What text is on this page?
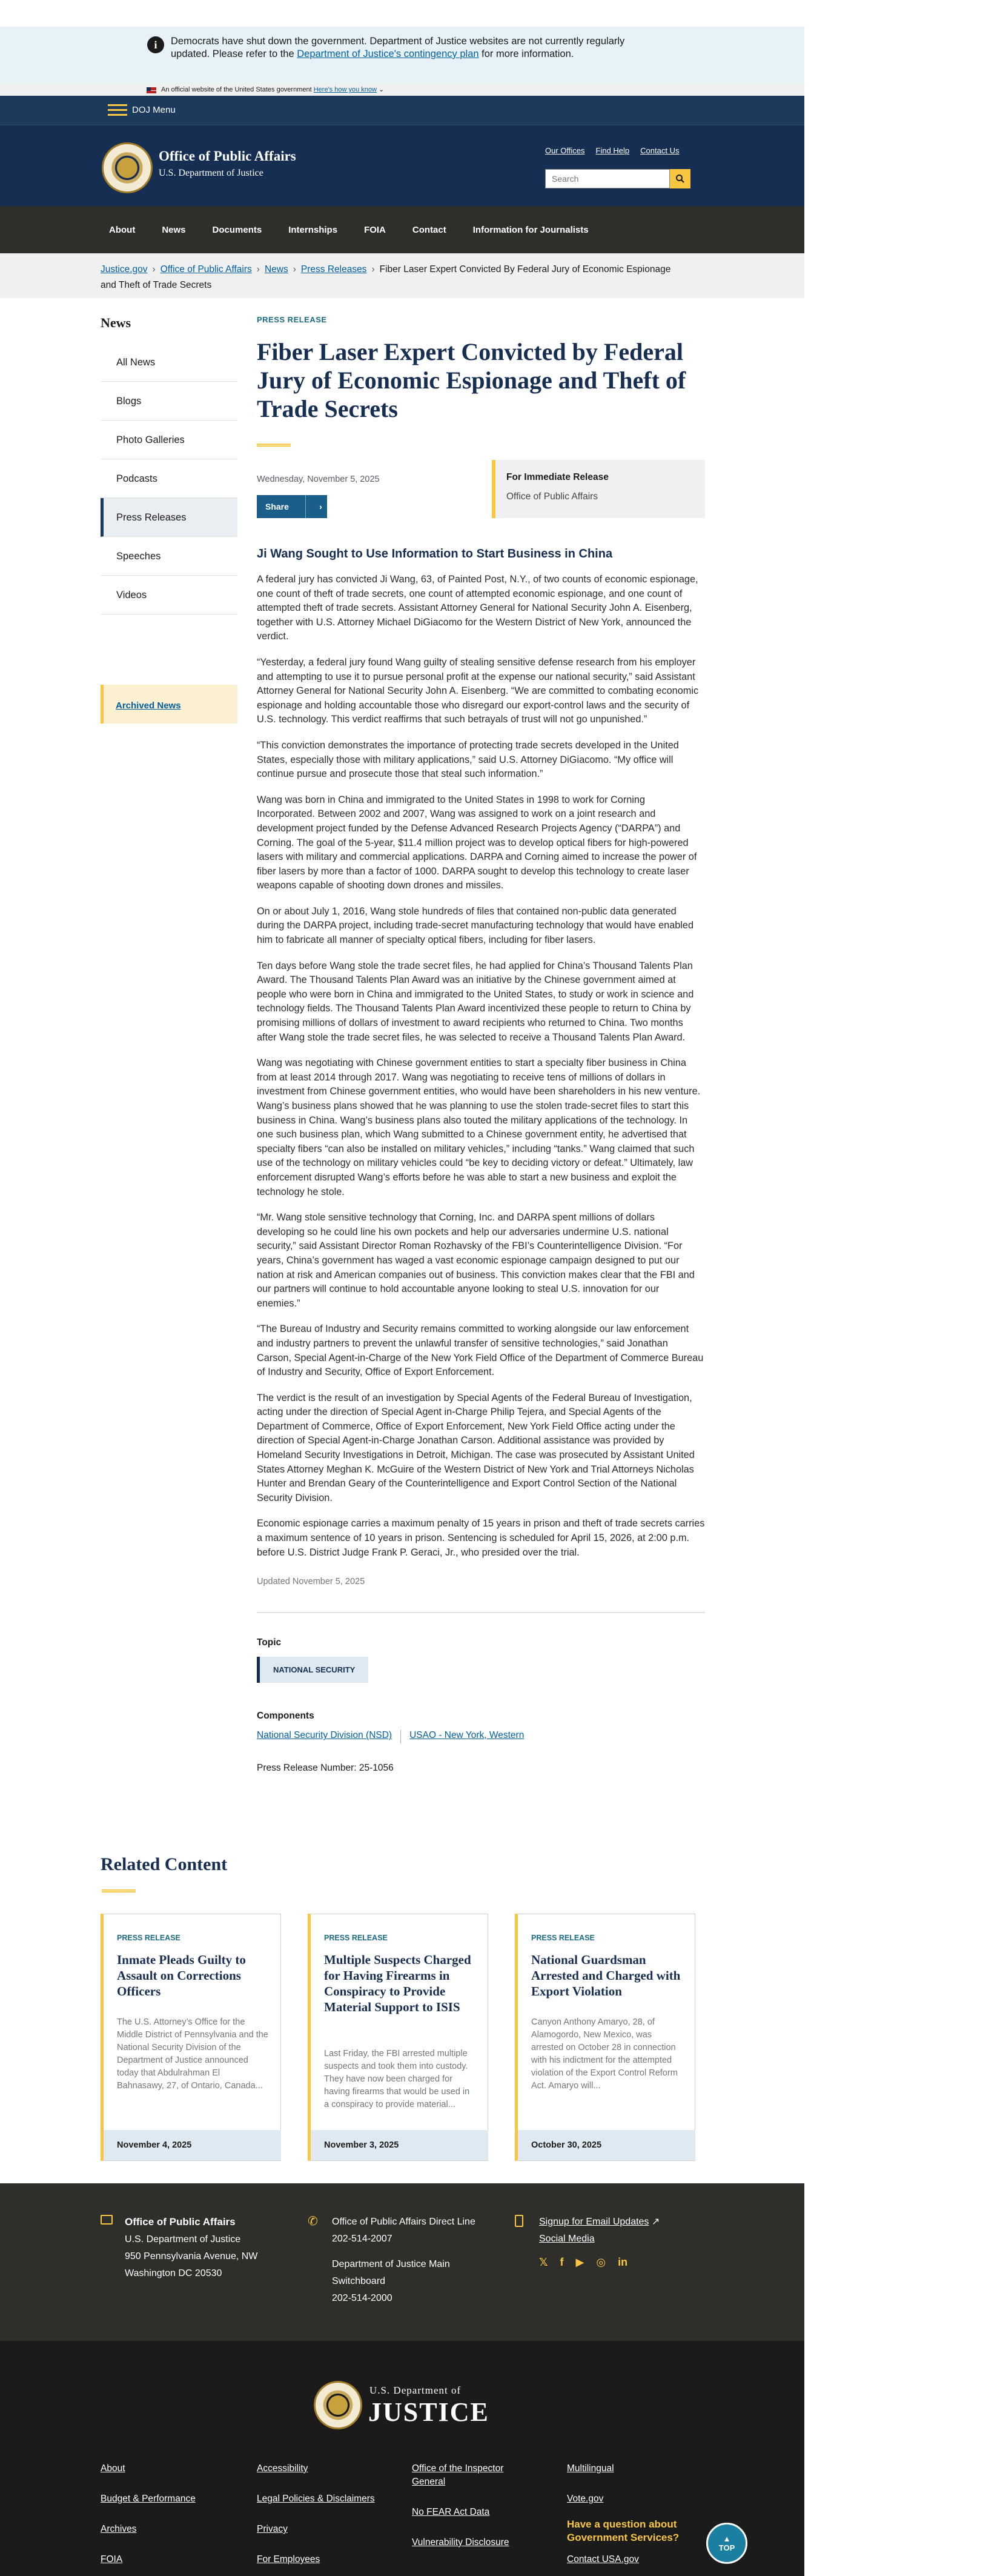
i	Democrats have shut down the government. Department of Justice websites are not currently regularly updated. Please refer to the Department of Justice's contingency plan for more information.

An official website of the United States government Here's how you know ⌄
DOJ Menu
Office of Public Affairs
U.S. Department of Justice
Our Offices Find Help Contact Us
Search
About	News	Documents	Internships	FOIA	Contact	Information for Journalists
Justice.gov › Office of Public Affairs › News › Press Releases › Fiber Laser Expert Convicted By Federal Jury of Economic Espionage and Theft of Trade Secrets
News
All News
Blogs
Photo Galleries
Podcasts
Press Releases
Speeches
Videos
Archived News
PRESS RELEASE
Fiber Laser Expert Convicted by Federal Jury of Economic Espionage and Theft of Trade Secrets
Wednesday, November 5, 2025
Share	›
For Immediate Release
Office of Public Affairs
Ji Wang Sought to Use Information to Start Business in China

A federal jury has convicted Ji Wang, 63, of Painted Post, N.Y., of two counts of economic espionage, one count of theft of trade secrets, one count of attempted economic espionage, and one count of attempted theft of trade secrets. Assistant Attorney General for National Security John A. Eisenberg, together with U.S. Attorney Michael DiGiacomo for the Western District of New York, announced the verdict.

“Yesterday, a federal jury found Wang guilty of stealing sensitive defense research from his employer and attempting to use it to pursue personal profit at the expense our national security,” said Assistant Attorney General for National Security John A. Eisenberg. “We are committed to combating economic espionage and holding accountable those who disregard our export-control laws and the security of U.S. technology. This verdict reaffirms that such betrayals of trust will not go unpunished.”

“This conviction demonstrates the importance of protecting trade secrets developed in the United States, especially those with military applications,” said U.S. Attorney DiGiacomo. “My office will continue pursue and prosecute those that steal such information.”

Wang was born in China and immigrated to the United States in 1998 to work for Corning Incorporated. Between 2002 and 2007, Wang was assigned to work on a joint research and development project funded by the Defense Advanced Research Projects Agency (“DARPA”) and Corning. The goal of the 5-year, $11.4 million project was to develop optical fibers for high-powered lasers with military and commercial applications. DARPA and Corning aimed to increase the power of fiber lasers by more than a factor of 1000. DARPA sought to develop this technology to create laser weapons capable of shooting down drones and missiles.

On or about July 1, 2016, Wang stole hundreds of files that contained non-public data generated during the DARPA project, including trade-secret manufacturing technology that would have enabled him to fabricate all manner of specialty optical fibers, including for fiber lasers.

Ten days before Wang stole the trade secret files, he had applied for China’s Thousand Talents Plan Award. The Thousand Talents Plan Award was an initiative by the Chinese government aimed at people who were born in China and immigrated to the United States, to study or work in science and technology fields. The Thousand Talents Plan Award incentivized these people to return to China by promising millions of dollars of investment to award recipients who returned to China. Two months after Wang stole the trade secret files, he was selected to receive a Thousand Talents Plan Award.

Wang was negotiating with Chinese government entities to start a specialty fiber business in China from at least 2014 through 2017. Wang was negotiating to receive tens of millions of dollars in investment from Chinese government entities, who would have been shareholders in his new venture. Wang’s business plans showed that he was planning to use the stolen trade-secret files to start this business in China. Wang’s business plans also touted the military applications of the technology. In one such business plan, which Wang submitted to a Chinese government entity, he advertised that specialty fibers “can also be installed on military vehicles,” including “tanks.” Wang claimed that such use of the technology on military vehicles could “be key to deciding victory or defeat.” Ultimately, law enforcement disrupted Wang’s efforts before he was able to start a new business and exploit the technology he stole.

“Mr. Wang stole sensitive technology that Corning, Inc. and DARPA spent millions of dollars developing so he could line his own pockets and help our adversaries undermine U.S. national security,” said Assistant Director Roman Rozhavsky of the FBI’s Counterintelligence Division. “For years, China’s government has waged a vast economic espionage campaign designed to put our nation at risk and American companies out of business. This conviction makes clear that the FBI and our partners will continue to hold accountable anyone looking to steal U.S. innovation for our enemies.”

“The Bureau of Industry and Security remains committed to working alongside our law enforcement and industry partners to prevent the unlawful transfer of sensitive technologies,” said Jonathan Carson, Special Agent-in-Charge of the New York Field Office of the Department of Commerce Bureau of Industry and Security, Office of Export Enforcement.

The verdict is the result of an investigation by Special Agents of the Federal Bureau of Investigation, acting under the direction of Special Agent in-Charge Philip Tejera, and Special Agents of the Department of Commerce, Office of Export Enforcement, New York Field Office acting under the direction of Special Agent-in-Charge Jonathan Carson. Additional assistance was provided by Homeland Security Investigations in Detroit, Michigan. The case was prosecuted by Assistant United States Attorney Meghan K. McGuire of the Western District of New York and Trial Attorneys Nicholas Hunter and Brendan Geary of the Counterintelligence and Export Control Section of the National Security Division.

Economic espionage carries a maximum penalty of 15 years in prison and theft of trade secrets carries a maximum sentence of 10 years in prison. Sentencing is scheduled for April 15, 2026, at 2:00 p.m. before U.S. District Judge Frank P. Geraci, Jr., who presided over the trial.

Updated November 5, 2025
Topic
NATIONAL SECURITY
Components
National Security Division (NSD) USAO - New York, Western
Press Release Number: 25-1056
Related Content
PRESS RELEASE
Inmate Pleads Guilty to Assault on Corrections Officers

The U.S. Attorney’s Office for the Middle District of Pennsylvania and the National Security Division of the Department of Justice announced today that Abdulrahman El Bahnasawy, 27, of Ontario, Canada...

November 4, 2025
PRESS RELEASE
Multiple Suspects Charged for Having Firearms in Conspiracy to Provide Material Support to ISIS

Last Friday, the FBI arrested multiple suspects and took them into custody. They have now been charged for having firearms that would be used in a conspiracy to provide material...

November 3, 2025
PRESS RELEASE
National Guardsman Arrested and Charged with Export Violation

Canyon Anthony Amaryo, 28, of Alamogordo, New Mexico, was arrested on October 28 in connection with his indictment for the attempted violation of the Export Control Reform Act. Amaryo will...

October 30, 2025
Office of Public Affairs
U.S. Department of Justice
950 Pennsylvania Avenue, NW
Washington DC 20530
✆ Office of Public Affairs Direct Line
202-514-2007

Department of Justice Main Switchboard
202-514-2000
Signup for Email Updates ↗
Social Media
𝕏 f ▶ ◎ in
U.S. Department of
JUSTICE
About
Budget & Performance
Archives
FOIA
Accessibility
Legal Policies & Disclaimers
Privacy
For Employees
Office of the Inspector General
No FEAR Act Data
Vulnerability Disclosure
Multilingual
Vote.gov
Have a question about Government Services?
Contact USA.gov
▲
TOP
